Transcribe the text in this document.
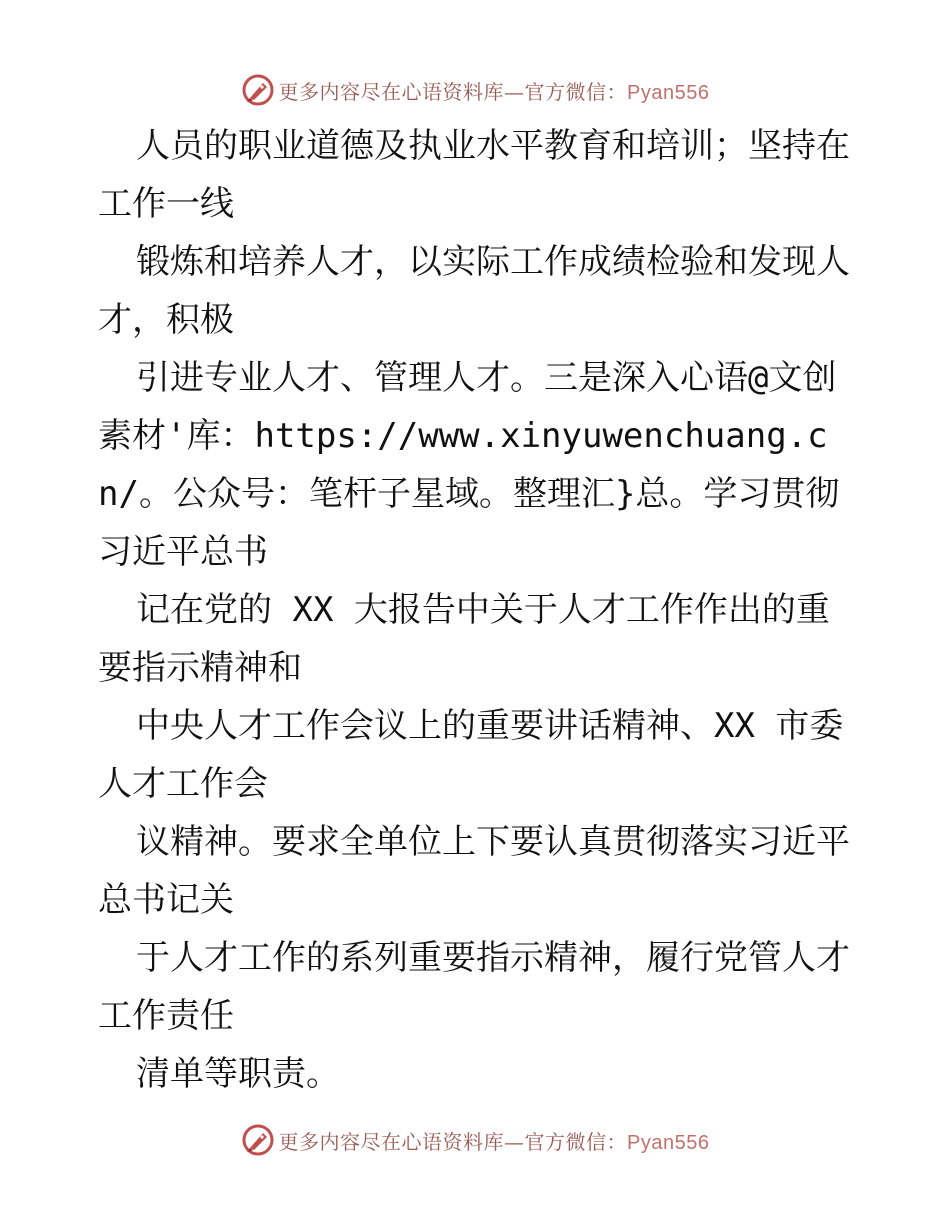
更多内容尽在心语资料库—官方微信：Pyan556

人员的职业道德及执业水平教育和培训；坚持在工作一线

锻炼和培养人才，以实际工作成绩检验和发现人才，积极

引进专业人才、管理人才。三是深入心语@文创素材'库：https://www.xinyuwenchuang.cn/。公众号：笔杆子星域。整理汇}总。学习贯彻习近平总书

记在党的 XX 大报告中关于人才工作作出的重要指示精神和

中央人才工作会议上的重要讲话精神、XX 市委人才工作会

议精神。要求全单位上下要认真贯彻落实习近平总书记关

于人才工作的系列重要指示精神，履行党管人才工作责任

清单等职责。

更多内容尽在心语资料库—官方微信：Pyan556
